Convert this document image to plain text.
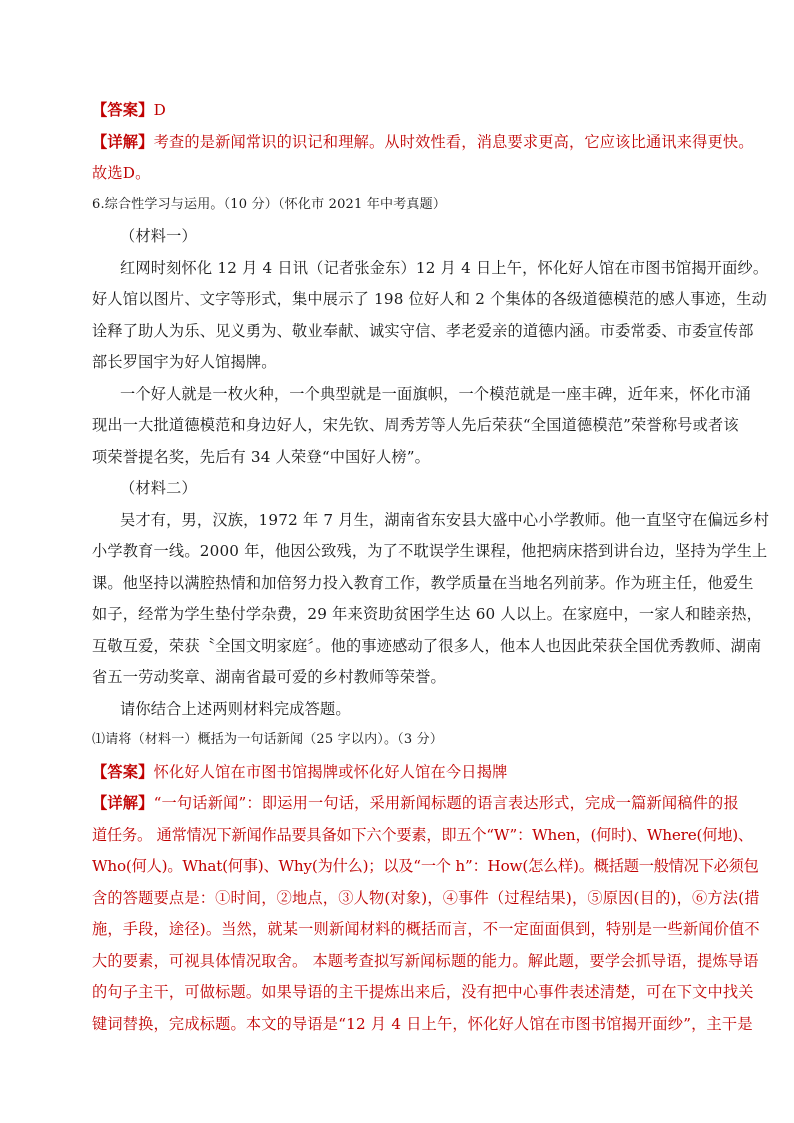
【答案】D
【详解】考查的是新闻常识的识记和理解。从时效性看，消息要求更高，它应该比通讯来得更快。
故选D。
6.综合性学习与运用。（10 分）（怀化市 2021 年中考真题）
（材料一）
红网时刻怀化 12 月 4 日讯（记者张金东）12 月 4 日上午，怀化好人馆在市图书馆揭开面纱。
好人馆以图片、文字等形式，集中展示了 198 位好人和 2 个集体的各级道德模范的感人事迹，生动
诠释了助人为乐、见义勇为、敬业奉献、诚实守信、孝老爱亲的道德内涵。市委常委、市委宣传部
部长罗国宇为好人馆揭牌。
一个好人就是一枚火种，一个典型就是一面旗帜，一个模范就是一座丰碑，近年来，怀化市涌
现出一大批道德模范和身边好人，宋先钦、周秀芳等人先后荣获“全国道德模范”荣誉称号或者该
项荣誉提名奖，先后有 34 人荣登“中国好人榜”。
（材料二）
吴才有，男，汉族，1972 年 7 月生，湖南省东安县大盛中心小学教师。他一直坚守在偏远乡村
小学教育一线。2000 年，他因公致残，为了不耽误学生课程，他把病床搭到讲台边，坚持为学生上
课。他坚持以满腔热情和加倍努力投入教育工作，教学质量在当地名列前茅。作为班主任，他爱生
如子，经常为学生垫付学杂费，29 年来资助贫困学生达 60 人以上。在家庭中，一家人和睦亲热，
互敬互爱，荣获〝全国文明家庭〞。他的事迹感动了很多人，他本人也因此荣获全国优秀教师、湖南
省五一劳动奖章、湖南省最可爱的乡村教师等荣誉。
请你结合上述两则材料完成答题。
⑴请将（材料一）概括为一句话新闻（25 字以内）。（3 分）
【答案】怀化好人馆在市图书馆揭牌或怀化好人馆在今日揭牌
【详解】“一句话新闻”：即运用一句话，采用新闻标题的语言表达形式，完成一篇新闻稿件的报
道任务。 通常情况下新闻作品要具备如下六个要素，即五个“W”：When，(何时)、Where(何地)、
Who(何人)。What(何事)、Why(为什么)；以及“一个 h”：How(怎么样)。概括题一般情况下必须包
含的答题要点是：①时间，②地点，③人物(对象)，④事件（过程结果)，⑤原因(目的)，⑥方法(措
施，手段，途径)。当然，就某一则新闻材料的概括而言，不一定面面俱到，特别是一些新闻价值不
大的要素，可视具体情况取舍。 本题考查拟写新闻标题的能力。解此题，要学会抓导语，提炼导语
的句子主干，可做标题。如果导语的主干提炼出来后，没有把中心事件表述清楚，可在下文中找关
键词替换，完成标题。本文的导语是“12 月 4 日上午，怀化好人馆在市图书馆揭开面纱”，主干是
